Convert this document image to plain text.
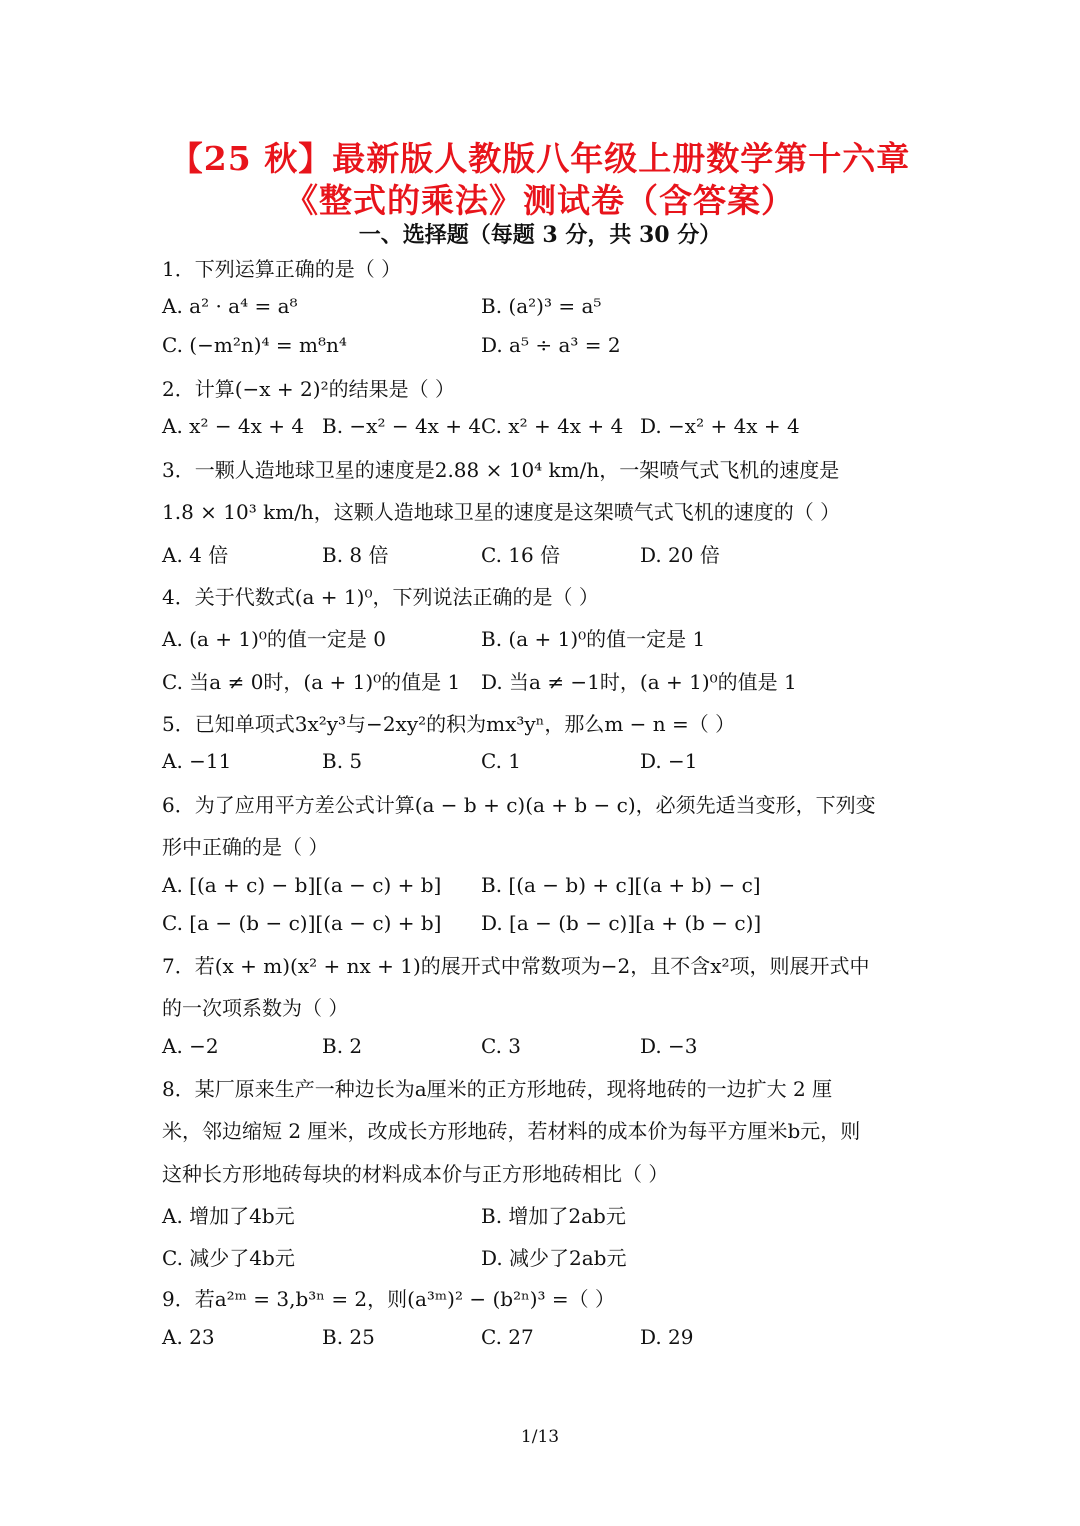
【25 秋】最新版人教版八年级上册数学第十六章
《整式的乘法》测试卷（含答案）
一、选择题（每题 3 分，共 30 分）
1．下列运算正确的是（ ）
A. a² · a⁴ = a⁸	B. (a²)³ = a⁵
C. (−m²n)⁴ = m⁸n⁴	D. a⁵ ÷ a³ = 2
2．计算(−x + 2)²的结果是（ ）
A. x² − 4x + 4 B. −x² − 4x + 4 C. x² + 4x + 4 D. −x² + 4x + 4
3．一颗人造地球卫星的速度是2.88 × 10⁴ km/h，一架喷气式飞机的速度是
1.8 × 10³ km/h，这颗人造地球卫星的速度是这架喷气式飞机的速度的（ ）
A. 4 倍	B. 8 倍	C. 16 倍	D. 20 倍
4．关于代数式(a + 1)⁰，下列说法正确的是（ ）
A. (a + 1)⁰的值一定是 0	B. (a + 1)⁰的值一定是 1
C. 当a ≠ 0时，(a + 1)⁰的值是 1 D. 当a ≠ −1时，(a + 1)⁰的值是 1
5．已知单项式3x²y³与−2xy²的积为mx³yⁿ，那么m − n =（ ）
A. −11	B. 5	C. 1	D. −1
6．为了应用平方差公式计算(a − b + c)(a + b − c)，必须先适当变形，下列变
形中正确的是（ ）
A. [(a + c) − b][(a − c) + b] B. [(a − b) + c][(a + b) − c]
C. [a − (b − c)][(a − c) + b] D. [a − (b − c)][a + (b − c)]
7．若(x + m)(x² + nx + 1)的展开式中常数项为−2，且不含x²项，则展开式中
的一次项系数为（ ）
A. −2	B. 2	C. 3	D. −3
8．某厂原来生产一种边长为a厘米的正方形地砖，现将地砖的一边扩大 2 厘
米，邻边缩短 2 厘米，改成长方形地砖，若材料的成本价为每平方厘米b元，则
这种长方形地砖每块的材料成本价与正方形地砖相比（ ）
A. 增加了4b元	B. 增加了2ab元
C. 减少了4b元	D. 减少了2ab元
9．若a²ᵐ = 3,b³ⁿ = 2，则(a³ᵐ)² − (b²ⁿ)³ =（ ）
A. 23	B. 25	C. 27	D. 29
1/13
